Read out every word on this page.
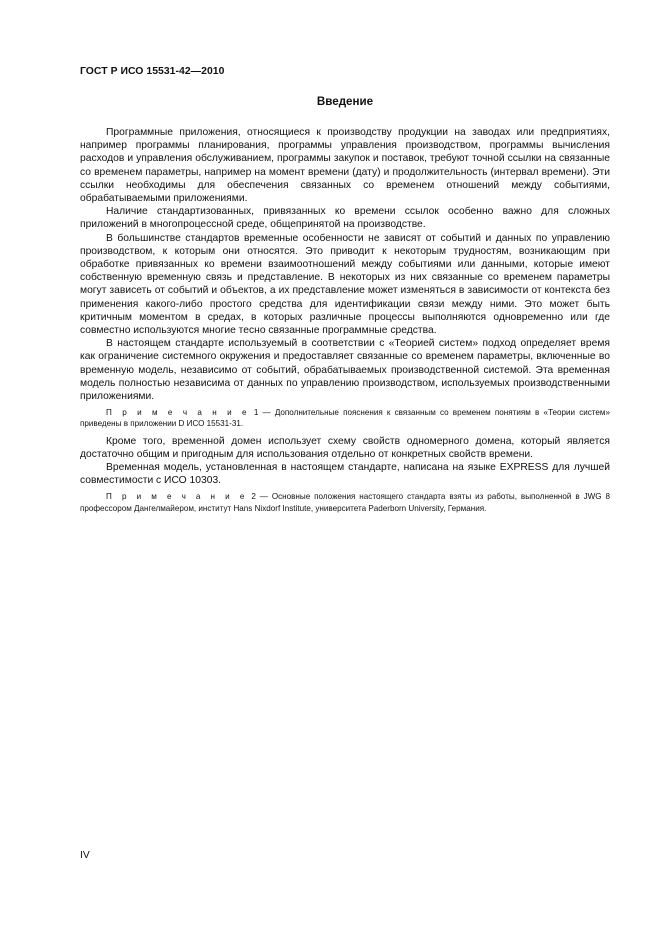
ГОСТ Р ИСО 15531-42—2010
Введение

Программные приложения, относящиеся к производству продукции на заводах или предприятиях, например программы планирования, программы управления производством, программы вычисления расходов и управления обслуживанием, программы закупок и поставок, требуют точной ссылки на связанные со временем параметры, например на момент времени (дату) и продолжительность (интервал времени). Эти ссылки необходимы для обеспечения связанных со временем отношений между событиями, обрабатываемыми приложениями.

Наличие стандартизованных, привязанных ко времени ссылок особенно важно для сложных приложений в многопроцессной среде, общепринятой на производстве.

В большинстве стандартов временные особенности не зависят от событий и данных по управлению производством, к которым они относятся. Это приводит к некоторым трудностям, возникающим при обработке привязанных ко времени взаимоотношений между событиями или данными, которые имеют собственную временную связь и представление. В некоторых из них связанные со временем параметры могут зависеть от событий и объектов, а их представление может изменяться в зависимости от контекста без применения какого-либо простого средства для идентификации связи между ними. Это может быть критичным моментом в средах, в которых различные процессы выполняются одновременно или где совместно используются многие тесно связанные программные средства.

В настоящем стандарте используемый в соответствии с «Теорией систем» подход определяет время как ограничение системного окружения и предоставляет связанные со временем параметры, включенные во временную модель, независимо от событий, обрабатываемых производственной системой. Эта временная модель полностью независима от данных по управлению производством, используемых производственными приложениями.

П р и м е ч а н и е 1 — Дополнительные пояснения к связанным со временем понятиям в «Теории систем» приведены в приложении D ИСО 15531-31.

Кроме того, временной домен использует схему свойств одномерного домена, который является достаточно общим и пригодным для использования отдельно от конкретных свойств времени.

Временная модель, установленная в настоящем стандарте, написана на языке EXPRESS для лучшей совместимости с ИСО 10303.

П р и м е ч а н и е 2 — Основные положения настоящего стандарта взяты из работы, выполненной в JWG 8 профессором Дангелмайером, институт Hans Nixdorf Institute, университета Paderborn University, Германия.

IV
